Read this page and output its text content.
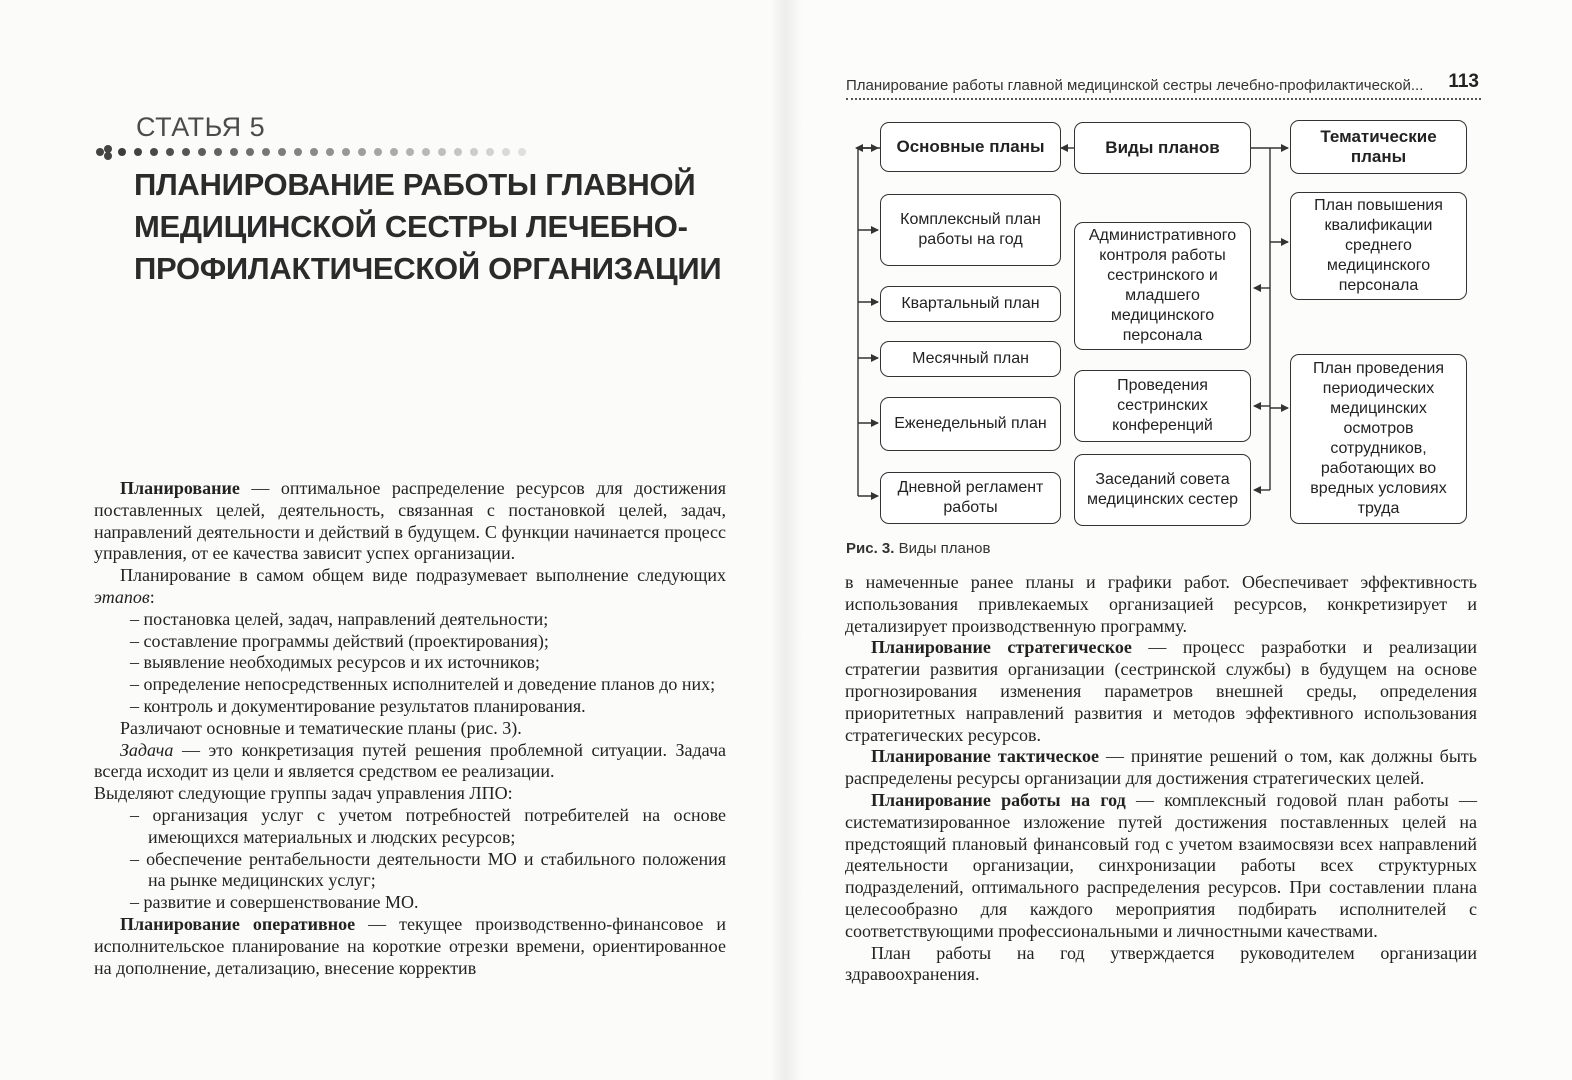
СТАТЬЯ 5
ПЛАНИРОВАНИЕ РАБОТЫ ГЛАВНОЙ
МЕДИЦИНСКОЙ СЕСТРЫ ЛЕЧЕБНО-
ПРОФИЛАКТИЧЕСКОЙ ОРГАНИЗАЦИИ

Планирование — оптимальное распределение ресурсов для достижения поставленных целей, деятельность, связанная с постановкой целей, задач, направлений деятельности и действий в будущем. С функции начинается процесс управления, от ее качества зависит успех организации.

Планирование в самом общем виде подразумевает выполнение следующих этапов:

– постановка целей, задач, направлений деятельности;

– составление программы действий (проектирования);

– выявление необходимых ресурсов и их источников;

– определение непосредственных исполнителей и доведение планов до них;

– контроль и документирование результатов планирования.

Различают основные и тематические планы (рис. 3).

Задача — это конкретизация путей решения проблемной ситуации. Задача всегда исходит из цели и является средством ее реализации.

Выделяют следующие группы задач управления ЛПО:

– организация услуг с учетом потребностей потребителей на основе имеющихся материальных и людских ресурсов;

– обеспечение рентабельности деятельности МО и стабильного положения на рынке медицинских услуг;

– развитие и совершенствование МО.

Планирование оперативное — текущее производственно-финансовое и исполнительское планирование на короткие отрезки времени, ориентированное на дополнение, детализацию, внесение корректив

Планирование работы главной медицинской сестры лечебно-профилактической... 113
Основные планы	Виды планов
Тематические планы
Комплексный план работы на год
Квартальный план
Месячный план
Еженедельный план
Дневной регламент работы
Административного контроля работы сестринского и младшего медицинского персонала
Проведения сестринских конференций
Заседаний совета медицинских сестер
План повышения квалификации среднего медицинского персонала
План проведения периодических медицинских осмотров сотрудников, работающих во вредных условиях труда
Рис. 3. Виды планов

в намеченные ранее планы и графики работ. Обеспечивает эффективность использования привлекаемых организацией ресурсов, конкретизирует и детализирует производственную программу.

Планирование стратегическое — процесс разработки и реализации стратегии развития организации (сестринской службы) в будущем на основе прогнозирования изменения параметров внешней среды, определения приоритетных направлений развития и методов эффективного использования стратегических ресурсов.

Планирование тактическое — принятие решений о том, как должны быть распределены ресурсы организации для достижения стратегических целей.

Планирование работы на год — комплексный годовой план работы — систематизированное изложение путей достижения поставленных целей на предстоящий плановый финансовый год с учетом взаимосвязи всех направлений деятельности организации, синхронизации работы всех структурных подразделений, оптимального распределения ресурсов. При составлении плана целесообразно для каждого мероприятия подбирать исполнителей с соответствующими профессиональными и личностными качествами.

План работы на год утверждается руководителем организации здравоохранения.
